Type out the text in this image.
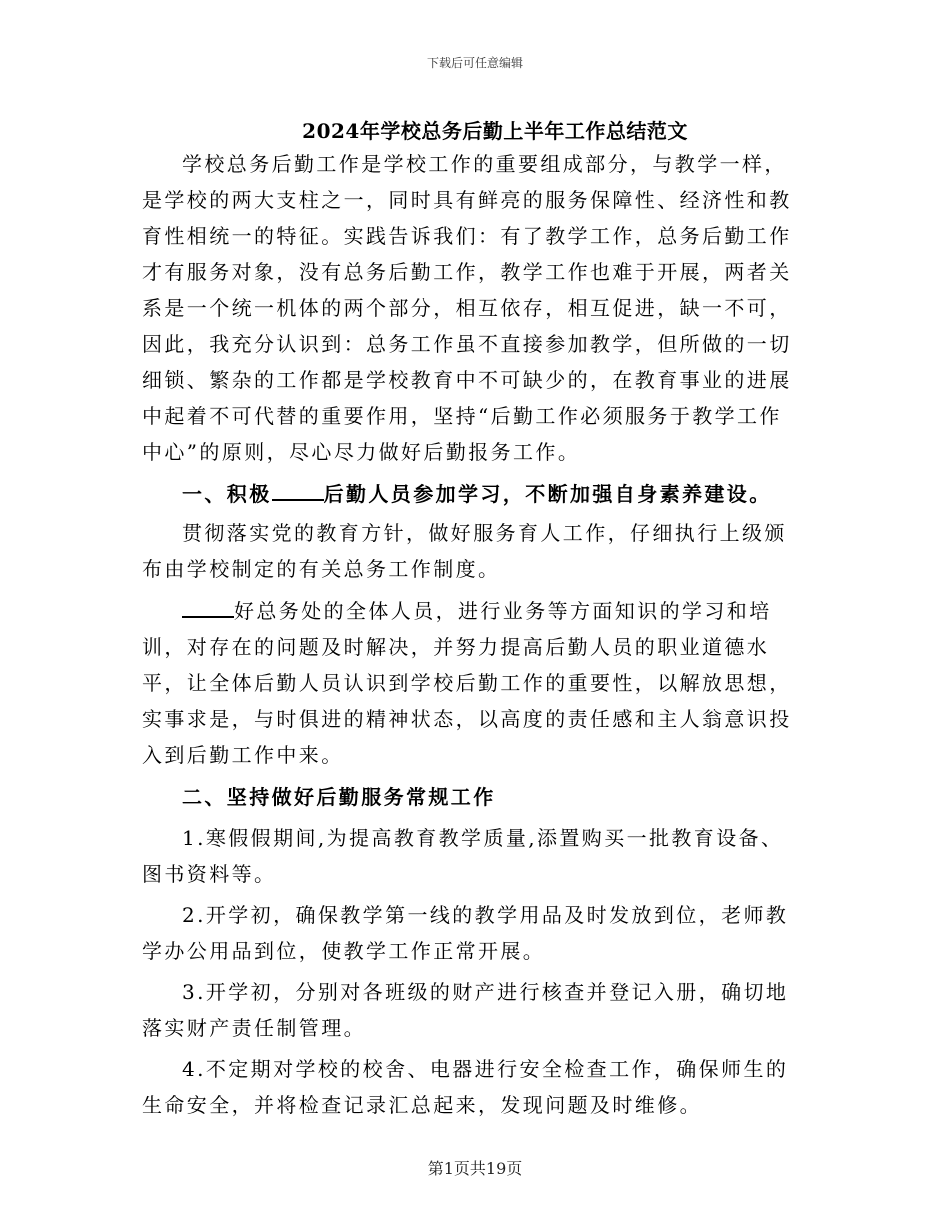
下载后可任意编辑
2024年学校总务后勤上半年工作总结范文

学校总务后勤工作是学校工作的重要组成部分，与教学一样，是学校的两大支柱之一，同时具有鲜亮的服务保障性、经济性和教育性相统一的特征。实践告诉我们：有了教学工作，总务后勤工作才有服务对象，没有总务后勤工作，教学工作也难于开展，两者关系是一个统一机体的两个部分，相互依存，相互促进，缺一不可，因此，我充分认识到：总务工作虽不直接参加教学，但所做的一切细锁、繁杂的工作都是学校教育中不可缺少的，在教育事业的进展中起着不可代替的重要作用，坚持“后勤工作必须服务于教学工作中心”的原则，尽心尽力做好后勤报务工作。

一、积极	后勤人员参加学习，不断加强自身素养建设。

贯彻落实党的教育方针，做好服务育人工作，仔细执行上级颁布由学校制定的有关总务工作制度。

好总务处的全体人员，进行业务等方面知识的学习和培训，对存在的问题及时解决，并努力提高后勤人员的职业道德水平，让全体后勤人员认识到学校后勤工作的重要性，以解放思想，实事求是，与时俱进的精神状态，以高度的责任感和主人翁意识投入到后勤工作中来。

二、坚持做好后勤服务常规工作

1.寒假假期间,为提高教育教学质量,添置购买一批教育设备、图书资料等。

2.开学初，确保教学第一线的教学用品及时发放到位，老师教学办公用品到位，使教学工作正常开展。

3.开学初，分别对各班级的财产进行核查并登记入册，确切地落实财产责任制管理。

4.不定期对学校的校舍、电器进行安全检查工作，确保师生的生命安全，并将检查记录汇总起来，发现问题及时维修。

第1页共19页
